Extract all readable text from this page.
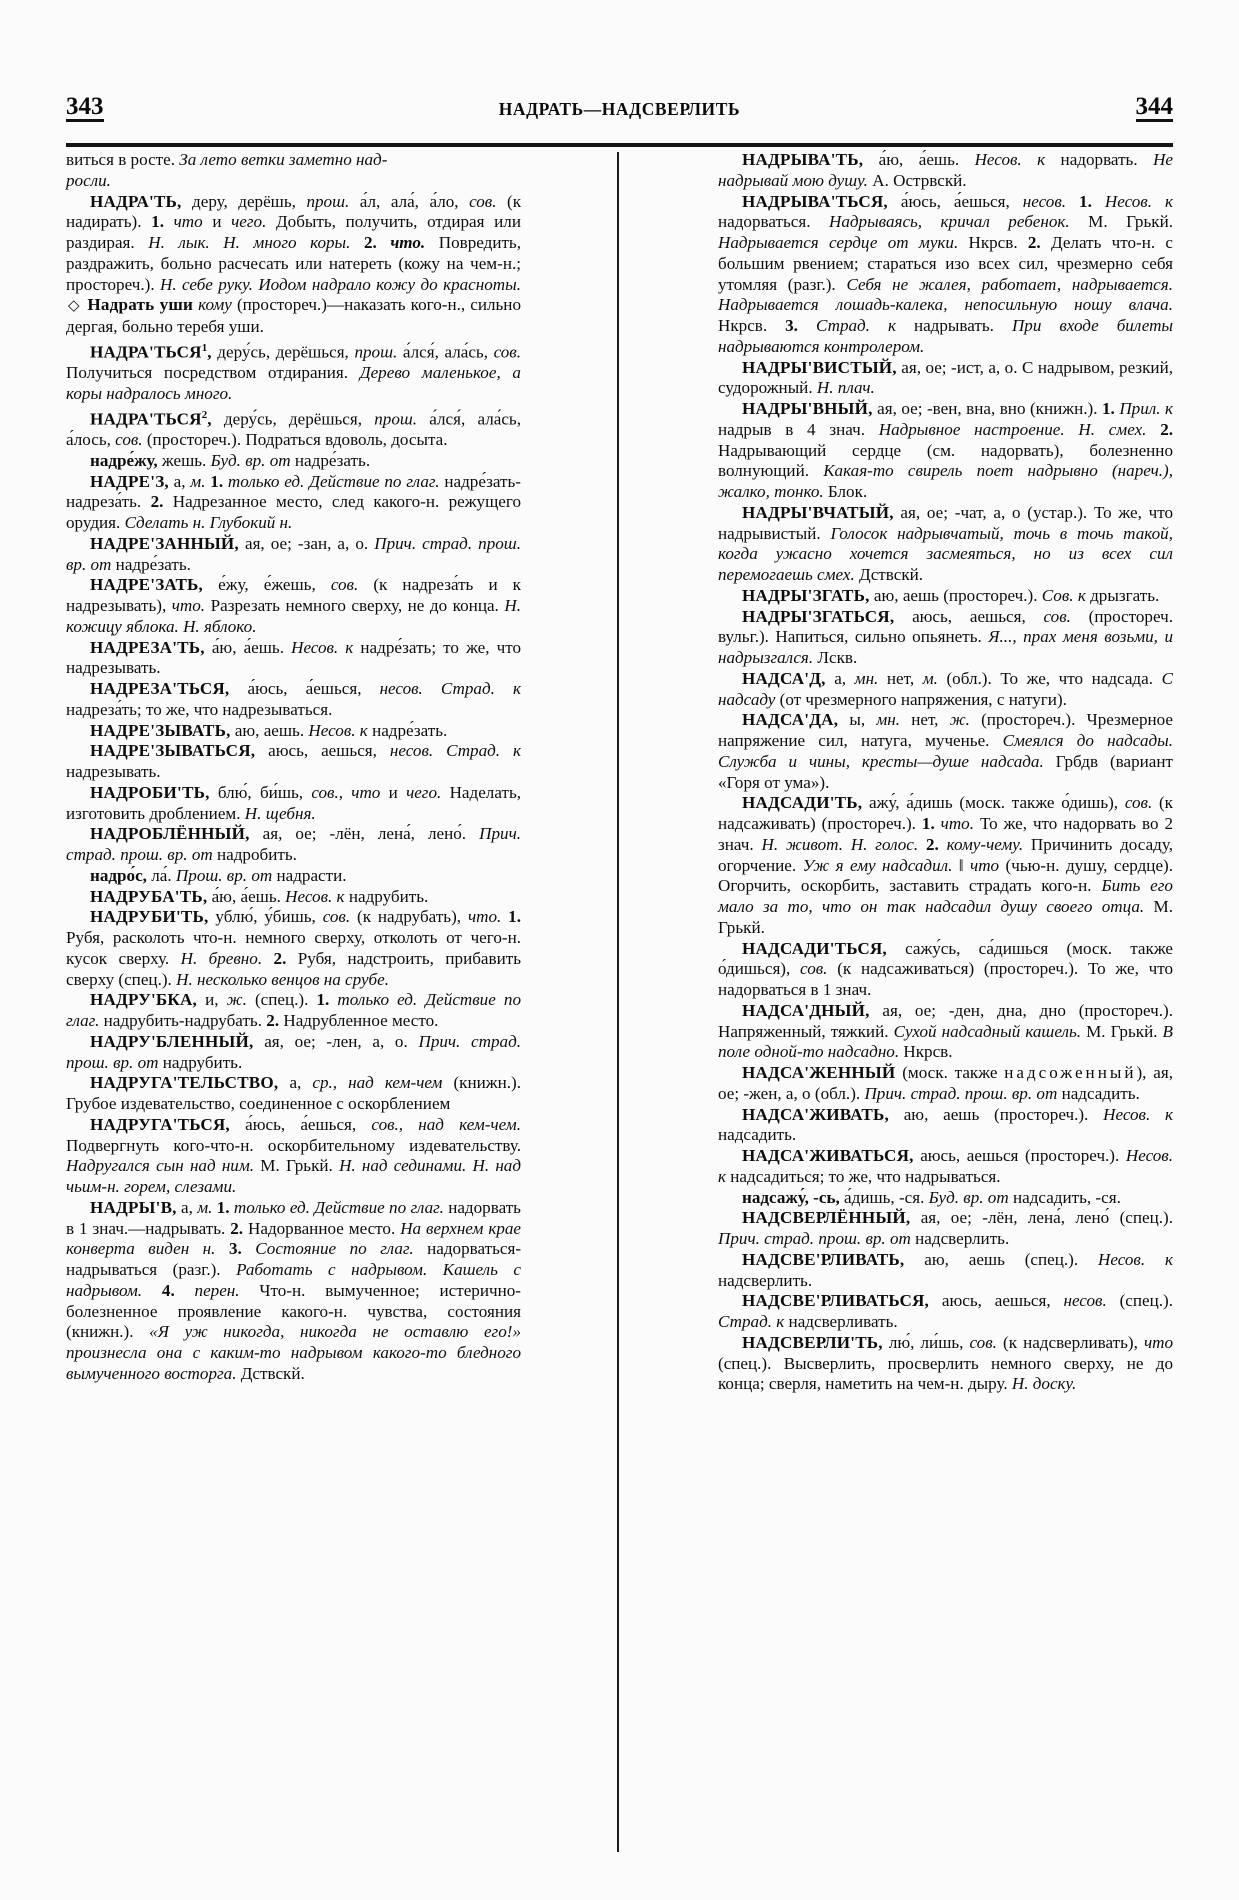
343	НАДРАТЬ—НАДСВЕРЛИТЬ	344

виться в росте. За лето ветки заметно над-
росли.

НАДРА'ТЬ, деру, дерёшь, прош. а́л, ала́, а́ло, сов. (к надирать). 1. что и чего. Добыть, получить, отдирая или раздирая. Н. лык. Н. много коры. 2. что. Повредить, раздражить, больно расчесать или натереть (кожу на чем-н.; простореч.). Н. себе руку. Иодом надрало кожу до красноты. ◇ Надрать уши кому (простореч.)—наказать кого-н., сильно дергая, больно теребя уши.

НАДРА'ТЬСЯ$^1$, деру́сь, дерёшься, прош. а́лся́, ала́сь, сов. Получиться посредством отдирания. Дерево маленькое, а коры надралось много.

НАДРА'ТЬСЯ$^2$, деру́сь, дерёшься, прош. а́лся́, ала́сь, а́лось, сов. (простореч.). Подраться вдоволь, досыта.

надре́жу, жешь. Буд. вр. от надре́зать.

НАДРЕ'З, а, м. 1. только ед. Действие по глаг. надре́зать-надреза́ть. 2. Надрезанное место, след какого-н. режущего орудия. Сделать н. Глубокий н.

НАДРЕ'ЗАННЫЙ, ая, ое; -зан, а, о. Прич. страд. прош. вр. от надре́зать.

НАДРЕ'ЗАТЬ, е́жу, е́жешь, сов. (к надреза́ть и к надрезывать), что. Разрезать немного сверху, не до конца. Н. кожицу яблока. Н. яблоко.

НАДРЕЗА'ТЬ, а́ю, а́ешь. Несов. к надре́зать; то же, что надрезывать.

НАДРЕЗА'ТЬСЯ, а́юсь, а́ешься, несов. Страд. к надреза́ть; то же, что надрезываться.

НАДРЕ'ЗЫВАТЬ, аю, аешь. Несов. к надре́зать.

НАДРЕ'ЗЫВАТЬСЯ, аюсь, аешься, несов. Страд. к надрезывать.

НАДРОБИ'ТЬ, блю́, би́шь, сов., что и чего. Наделать, изготовить дроблением. Н. щебня.

НАДРОБЛЁННЫЙ, ая, ое; -лён, лена́, лено́. Прич. страд. прош. вр. от надробить.

надро́с, ла́. Прош. вр. от надрасти.

НАДРУБА'ТЬ, а́ю, а́ешь. Несов. к надрубить.

НАДРУБИ'ТЬ, ублю́, у́бишь, сов. (к надрубать), что. 1. Рубя, расколоть что-н. немного сверху, отколоть от чего-н. кусок сверху. Н. бревно. 2. Рубя, надстроить, прибавить сверху (спец.). Н. несколько венцов на срубе.

НАДРУ'БКА, и, ж. (спец.). 1. только ед. Действие по глаг. надрубить-надрубать. 2. Надрубленное место.

НАДРУ'БЛЕННЫЙ, ая, ое; -лен, а, о. Прич. страд. прош. вр. от надрубить.

НАДРУГА'ТЕЛЬСТВО, а, ср., над кем-чем (книжн.). Грубое издевательство, соединенное с оскорблением

НАДРУГА'ТЬСЯ, а́юсь, а́ешься, сов., над кем-чем. Подвергнуть кого-что-н. оскорбительному издевательству. Надругался сын над ним. М. Грькй. Н. над сединами. Н. над чьим-н. горем, слезами.

НАДРЫ'В, а, м. 1. только ед. Действие по глаг. надорвать в 1 знач.—надрывать. 2. Надорванное место. На верхнем крае конверта виден н. 3. Состояние по глаг. надорваться-надрываться (разг.). Работать с надрывом. Кашель с надрывом. 4. перен. Что-н. вымученное; истерично-болезненное проявление какого-н. чувства, состояния (книжн.). «Я уж никогда, никогда не оставлю его!» произнесла она с каким-то надрывом какого-то бледного вымученного восторга. Дствскй.

НАДРЫВА'ТЬ, а́ю, а́ешь. Несов. к надорвать. Не надрывай мою душу. А. Острвскй.

НАДРЫВА'ТЬСЯ, а́юсь, а́ешься, несов. 1. Несов. к надорваться. Надрываясь, кричал ребенок. М. Грькй. Надрывается сердце от муки. Нкрсв. 2. Делать что-н. с большим рвением; стараться изо всех сил, чрезмерно себя утомляя (разг.). Себя не жалея, работает, надрывается. Надрывается лошадь-калека, непосильную ношу влача. Нкрсв. 3. Страд. к надрывать. При входе билеты надрываются контролером.

НАДРЫ'ВИСТЫЙ, ая, ое; -ист, а, о. С надрывом, резкий, судорожный. Н. плач.

НАДРЫ'ВНЫЙ, ая, ое; -вен, вна, вно (книжн.). 1. Прил. к надрыв в 4 знач. Надрывное настроение. Н. смех. 2. Надрывающий сердце (см. надорвать), болезненно волнующий. Какая-то свирель поет надрывно (нареч.), жалко, тонко. Блок.

НАДРЫ'ВЧАТЫЙ, ая, ое; -чат, а, о (устар.). То же, что надрывистый. Голосок надрывчатый, точь в точь такой, когда ужасно хочется засмеяться, но из всех сил перемогаешь смех. Дствскй.

НАДРЫ'ЗГАТЬ, аю, аешь (простореч.). Сов. к дрызгать.

НАДРЫ'ЗГАТЬСЯ, аюсь, аешься, сов. (простореч. вульг.). Напиться, сильно опьянеть. Я..., прах меня возьми, и надрызгался. Лскв.

НАДСА'Д, а, мн. нет, м. (обл.). То же, что надсада. С надсаду (от чрезмерного напряжения, с натуги).

НАДСА'ДА, ы, мн. нет, ж. (простореч.). Чрезмерное напряжение сил, натуга, мученье. Смеялся до надсады. Служба и чины, кресты—душе надсада. Грбдв (вариант «Горя от ума»).

НАДСАДИ'ТЬ, ажу́, а́дишь (моск. также о́дишь), сов. (к надсаживать) (простореч.). 1. что. То же, что надорвать во 2 знач. Н. живот. Н. голос. 2. кому-чему. Причинить досаду, огорчение. Уж я ему надсадил. ‖ что (чью-н. душу, сердце). Огорчить, оскорбить, заставить страдать кого-н. Бить его мало за то, что он так надсадил душу своего отца. М. Грькй.

НАДСАДИ'ТЬСЯ, сажу́сь, са́дишься (моск. также о́дишься), сов. (к надсаживаться) (простореч.). То же, что надорваться в 1 знач.

НАДСА'ДНЫЙ, ая, ое; -ден, дна, дно (простореч.). Напряженный, тяжкий. Сухой надсадный кашель. М. Грькй. В поле одной-то надсадно. Нкрсв.

НАДСА'ЖЕННЫЙ (моск. также надсоженный), ая, ое; -жен, а, о (обл.). Прич. страд. прош. вр. от надсадить.

НАДСА'ЖИВАТЬ, аю, аешь (простореч.). Несов. к надсадить.

НАДСА'ЖИВАТЬСЯ, аюсь, аешься (простореч.). Несов. к надсадиться; то же, что надрываться.

надсажу́, -сь, а́дишь, -ся. Буд. вр. от надсадить, -ся.

НАДСВЕРЛЁННЫЙ, ая, ое; -лён, лена́, лено́ (спец.). Прич. страд. прош. вр. от надсверлить.

НАДСВЕ'РЛИВАТЬ, аю, аешь (спец.). Несов. к надсверлить.

НАДСВЕ'РЛИВАТЬСЯ, аюсь, аешься, несов. (спец.). Страд. к надсверливать.

НАДСВЕРЛИ'ТЬ, лю́, ли́шь, сов. (к надсверливать), что (спец.). Высверлить, просверлить немного сверху, не до конца; сверля, наметить на чем-н. дыру. Н. доску.
